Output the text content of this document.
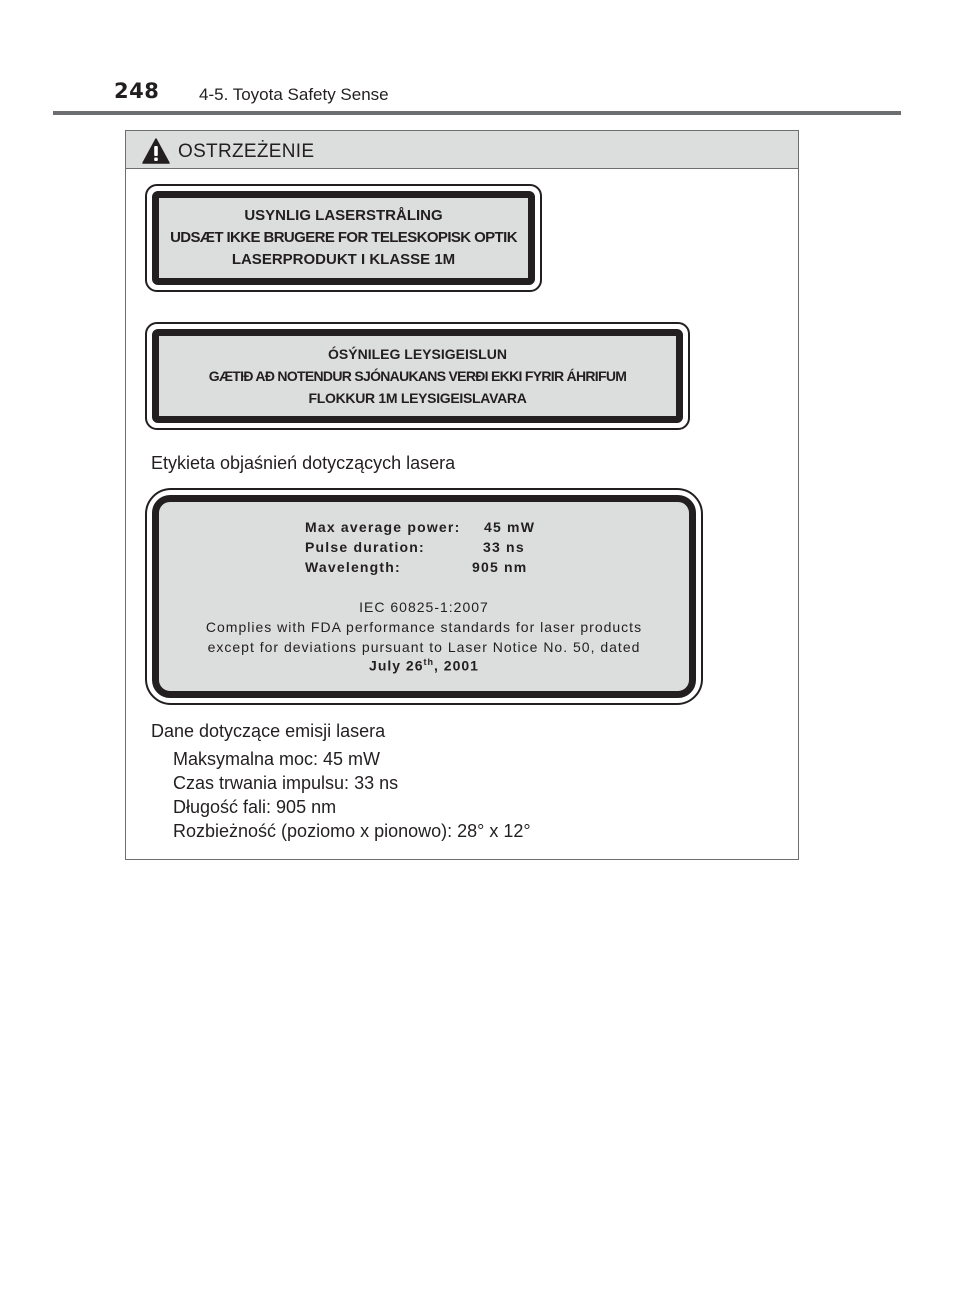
248 4-5. Toyota Safety Sense
OSTRZEŻENIE
USYNLIG LASERSTRÅLING
UDSÆT IKKE BRUGERE FOR TELESKOPISK OPTIK
LASERPRODUKT I KLASSE 1M
ÓSÝNILEG LEYSIGEISLUN
GÆTIÐ AÐ NOTENDUR SJÓNAUKANS VERÐI EKKI FYRIR ÁHRIFUM
FLOKKUR 1M LEYSIGEISLAVARA
Etykieta objaśnień dotyczących lasera
Max average power: 45 mW
Pulse duration:	33 ns
Wavelength:	905 nm
IEC 60825-1:2007
Complies with FDA performance standards for laser products
except for deviations pursuant to Laser Notice No. 50, dated
July 26th, 2001
Dane dotyczące emisji lasera
Maksymalna moc: 45 mW
Czas trwania impulsu: 33 ns
Długość fali: 905 nm
Rozbieżność (poziomo x pionowo): 28° x 12°
